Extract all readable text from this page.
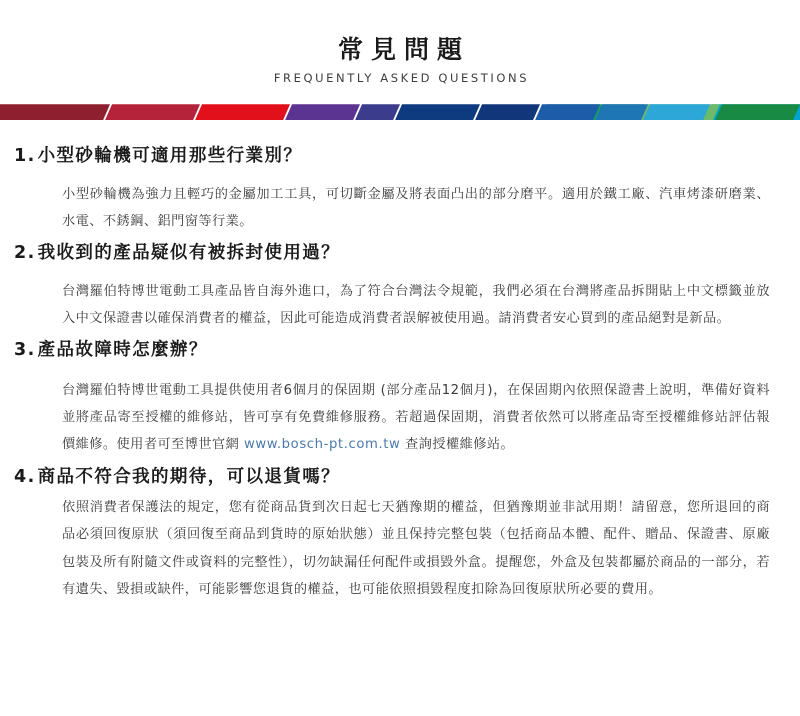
常見問題

FREQUENTLY ASKED QUESTIONS

1. 小型砂輪機可適用那些行業別？

小型砂輪機為強力且輕巧的金屬加工工具，可切斷金屬及將表面凸出的部分磨平。適用於鐵工廠、汽車烤漆研磨業、水電、不銹鋼、鋁門窗等行業。

2. 我收到的產品疑似有被拆封使用過？

台灣羅伯特博世電動工具產品皆自海外進口，為了符合台灣法令規範，我們必須在台灣將產品拆開貼上中文標籤並放入中文保證書以確保消費者的權益，因此可能造成消費者誤解被使用過。請消費者安心買到的產品絕對是新品。

3. 產品故障時怎麼辦？

台灣羅伯特博世電動工具提供使用者6個月的保固期 (部分產品12個月)，在保固期內依照保證書上說明，準備好資料並將產品寄至授權的維修站，皆可享有免費維修服務。若超過保固期，消費者依然可以將產品寄至授權維修站評估報價維修。使用者可至博世官網 www.bosch-pt.com.tw 查詢授權維修站。

4. 商品不符合我的期待，可以退貨嗎？

依照消費者保護法的規定，您有從商品貨到次日起七天猶豫期的權益，但猶豫期並非試用期！請留意，您所退回的商品必須回復原狀（須回復至商品到貨時的原始狀態）並且保持完整包裝（包括商品本體、配件、贈品、保證書、原廠包裝及所有附隨文件或資料的完整性），切勿缺漏任何配件或損毀外盒。提醒您，外盒及包裝都屬於商品的一部分，若有遺失、毀損或缺件，可能影響您退貨的權益，也可能依照損毀程度扣除為回復原狀所必要的費用。
